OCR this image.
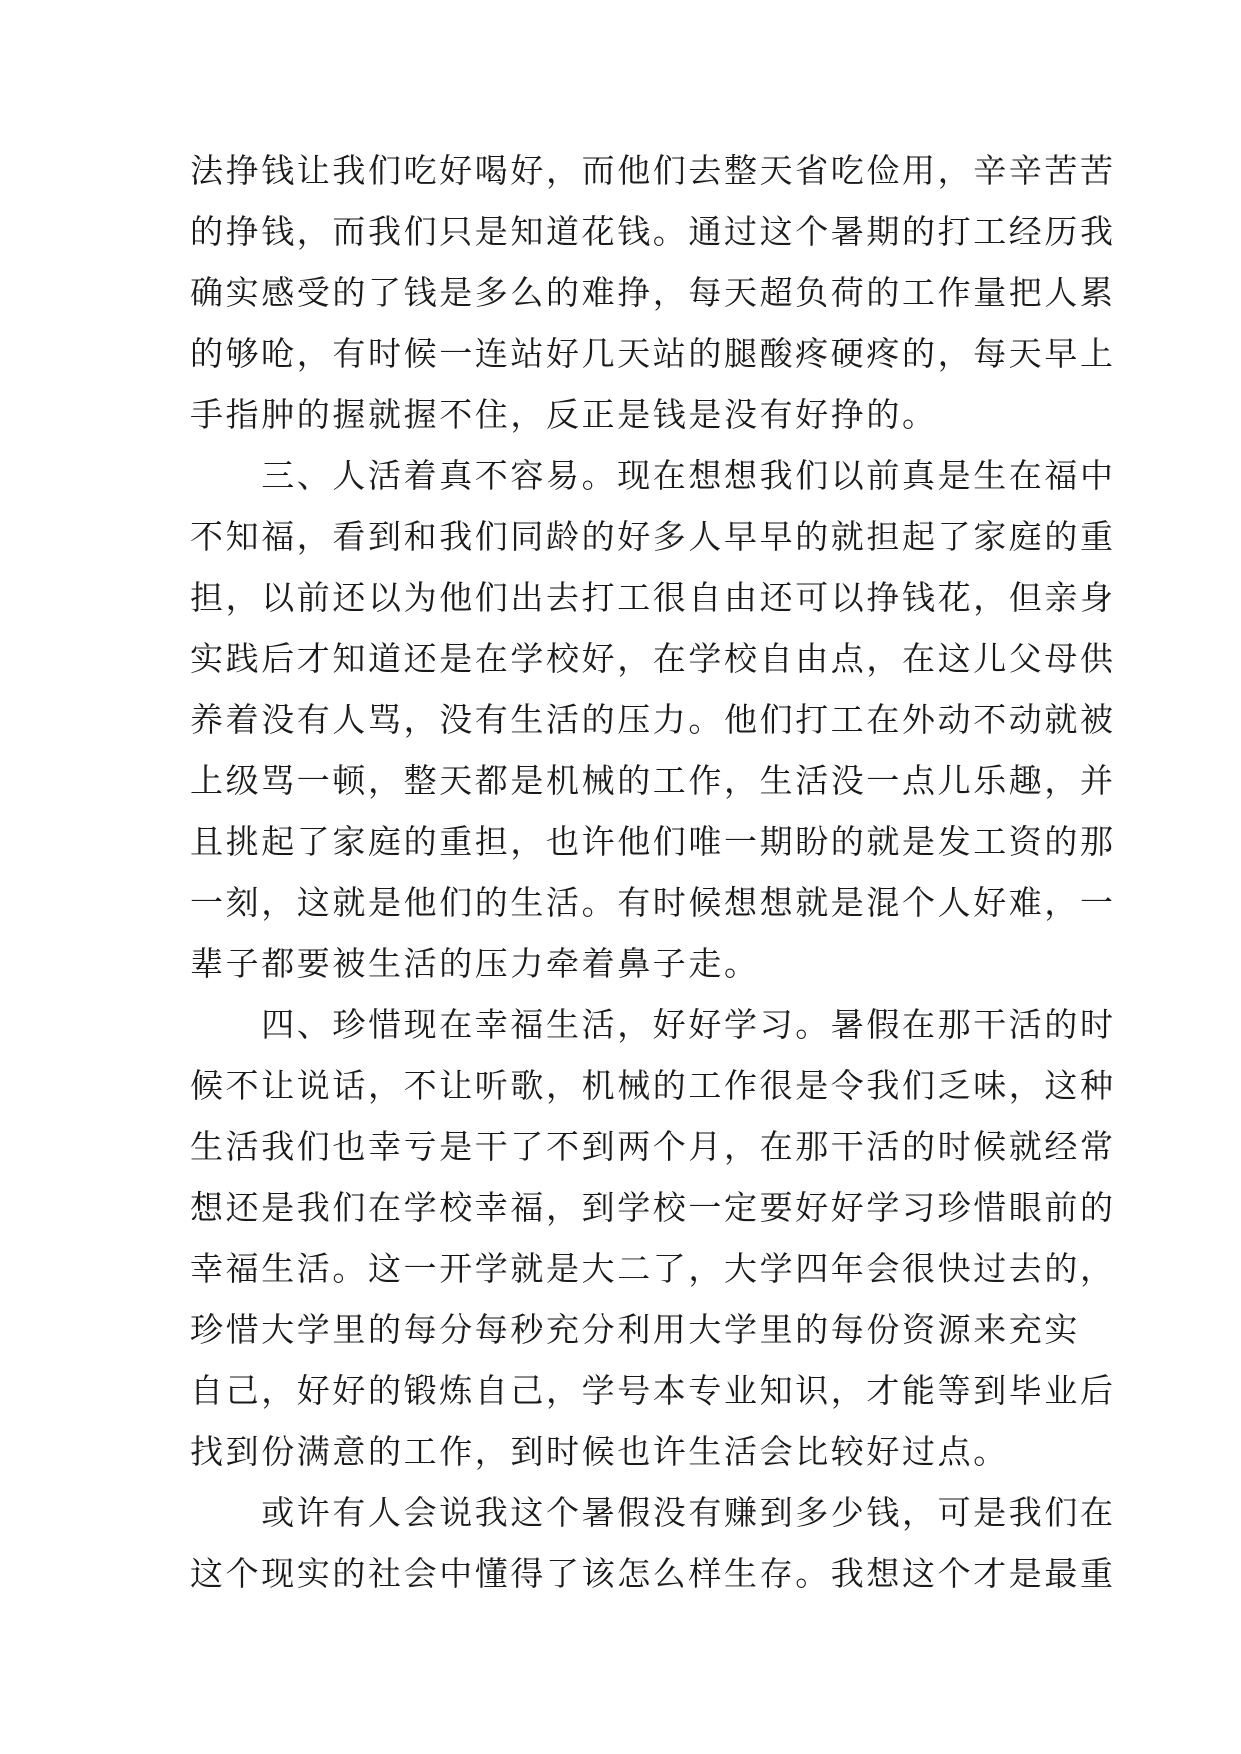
法挣钱让我们吃好喝好，而他们去整天省吃俭用，辛辛苦苦
的挣钱，而我们只是知道花钱。通过这个暑期的打工经历我
确实感受的了钱是多么的难挣，每天超负荷的工作量把人累
的够呛，有时候一连站好几天站的腿酸疼硬疼的，每天早上
手指肿的握就握不住，反正是钱是没有好挣的。
　　三、人活着真不容易。现在想想我们以前真是生在福中
不知福，看到和我们同龄的好多人早早的就担起了家庭的重
担，以前还以为他们出去打工很自由还可以挣钱花，但亲身
实践后才知道还是在学校好，在学校自由点，在这儿父母供
养着没有人骂，没有生活的压力。他们打工在外动不动就被
上级骂一顿，整天都是机械的工作，生活没一点儿乐趣，并
且挑起了家庭的重担，也许他们唯一期盼的就是发工资的那
一刻，这就是他们的生活。有时候想想就是混个人好难，一
辈子都要被生活的压力牵着鼻子走。
　　四、珍惜现在幸福生活，好好学习。暑假在那干活的时
候不让说话，不让听歌，机械的工作很是令我们乏味，这种
生活我们也幸亏是干了不到两个月，在那干活的时候就经常
想还是我们在学校幸福，到学校一定要好好学习珍惜眼前的
幸福生活。这一开学就是大二了，大学四年会很快过去的，
珍惜大学里的每分每秒充分利用大学里的每份资源来充实
自己，好好的锻炼自己，学号本专业知识，才能等到毕业后
找到份满意的工作，到时候也许生活会比较好过点。
　　或许有人会说我这个暑假没有赚到多少钱，可是我们在
这个现实的社会中懂得了该怎么样生存。我想这个才是最重
